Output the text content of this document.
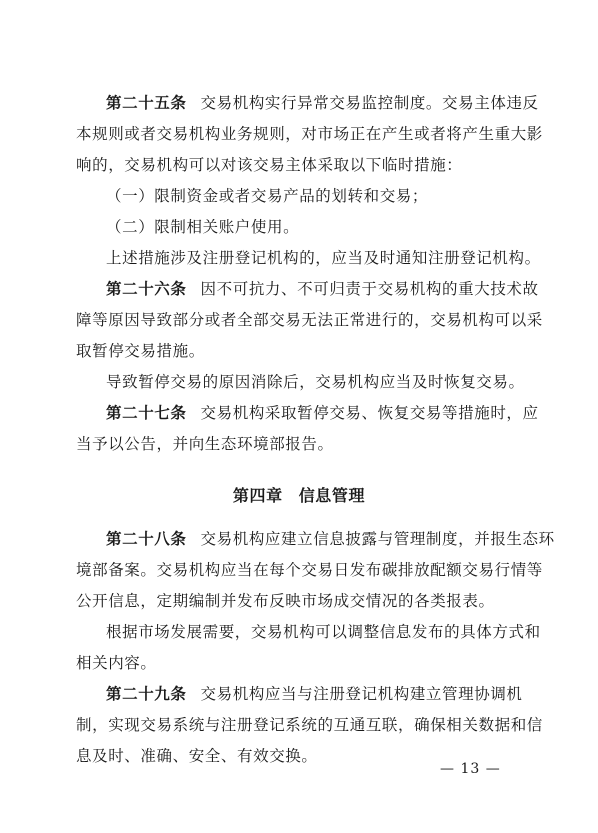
第二十五条 交易机构实行异常交易监控制度。交易主体违反
本规则或者交易机构业务规则，对市场正在产生或者将产生重大影
响的，交易机构可以对该交易主体采取以下临时措施：
（一）限制资金或者交易产品的划转和交易；
（二）限制相关账户使用。
上述措施涉及注册登记机构的，应当及时通知注册登记机构。
第二十六条 因不可抗力、不可归责于交易机构的重大技术故
障等原因导致部分或者全部交易无法正常进行的，交易机构可以采
取暂停交易措施。
导致暂停交易的原因消除后，交易机构应当及时恢复交易。
第二十七条 交易机构采取暂停交易、恢复交易等措施时，应
当予以公告，并向生态环境部报告。
第四章 信息管理
第二十八条 交易机构应建立信息披露与管理制度，并报生态环
境部备案。交易机构应当在每个交易日发布碳排放配额交易行情等
公开信息，定期编制并发布反映市场成交情况的各类报表。
根据市场发展需要，交易机构可以调整信息发布的具体方式和
相关内容。
第二十九条 交易机构应当与注册登记机构建立管理协调机
制，实现交易系统与注册登记系统的互通互联，确保相关数据和信
息及时、准确、安全、有效交换。
— 13 —
